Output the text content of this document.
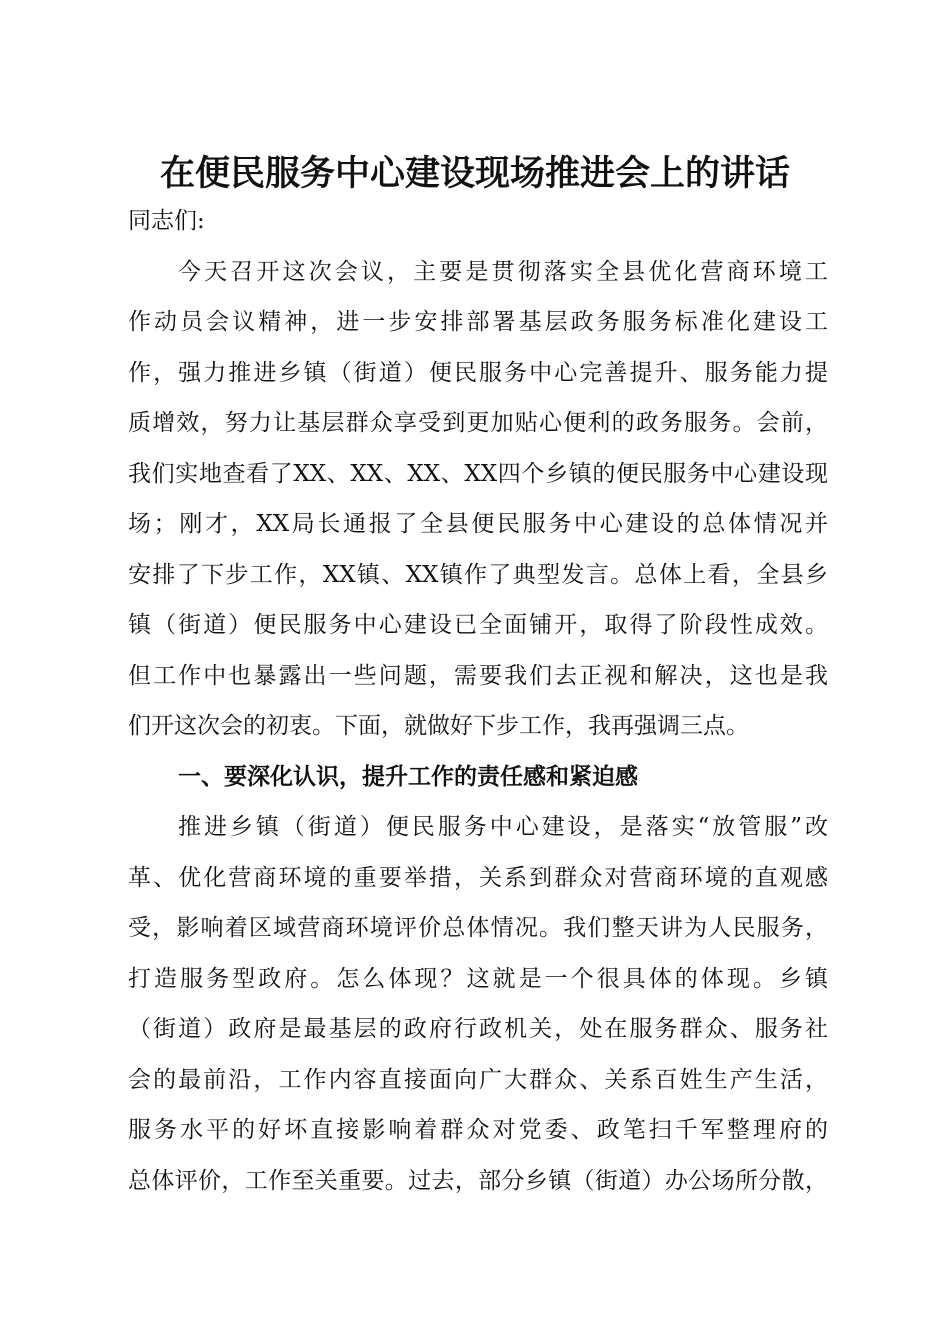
在便民服务中心建设现场推进会上的讲话
同志们:
今天召开这次会议，主要是贯彻落实全县优化营商环境工
作动员会议精神，进一步安排部署基层政务服务标准化建设工
作，强力推进乡镇（街道）便民服务中心完善提升、服务能力提
质增效，努力让基层群众享受到更加贴心便利的政务服务。会前，
我们实地查看了XX、XX、XX、XX四个乡镇的便民服务中心建设现
场；刚才，XX局长通报了全县便民服务中心建设的总体情况并
安排了下步工作，XX镇、XX镇作了典型发言。总体上看，全县乡
镇（街道）便民服务中心建设已全面铺开，取得了阶段性成效。
但工作中也暴露出一些问题，需要我们去正视和解决，这也是我
们开这次会的初衷。下面，就做好下步工作，我再强调三点。
一、要深化认识，提升工作的责任感和紧迫感
推进乡镇（街道）便民服务中心建设，是落实“放管服”改
革、优化营商环境的重要举措，关系到群众对营商环境的直观感
受，影响着区域营商环境评价总体情况。我们整天讲为人民服务，
打造服务型政府。怎么体现？这就是一个很具体的体现。乡镇
（街道）政府是最基层的政府行政机关，处在服务群众、服务社
会的最前沿，工作内容直接面向广大群众、关系百姓生产生活，
服务水平的好坏直接影响着群众对党委、政笔扫千军整理府的
总体评价，工作至关重要。过去，部分乡镇（街道）办公场所分散，
